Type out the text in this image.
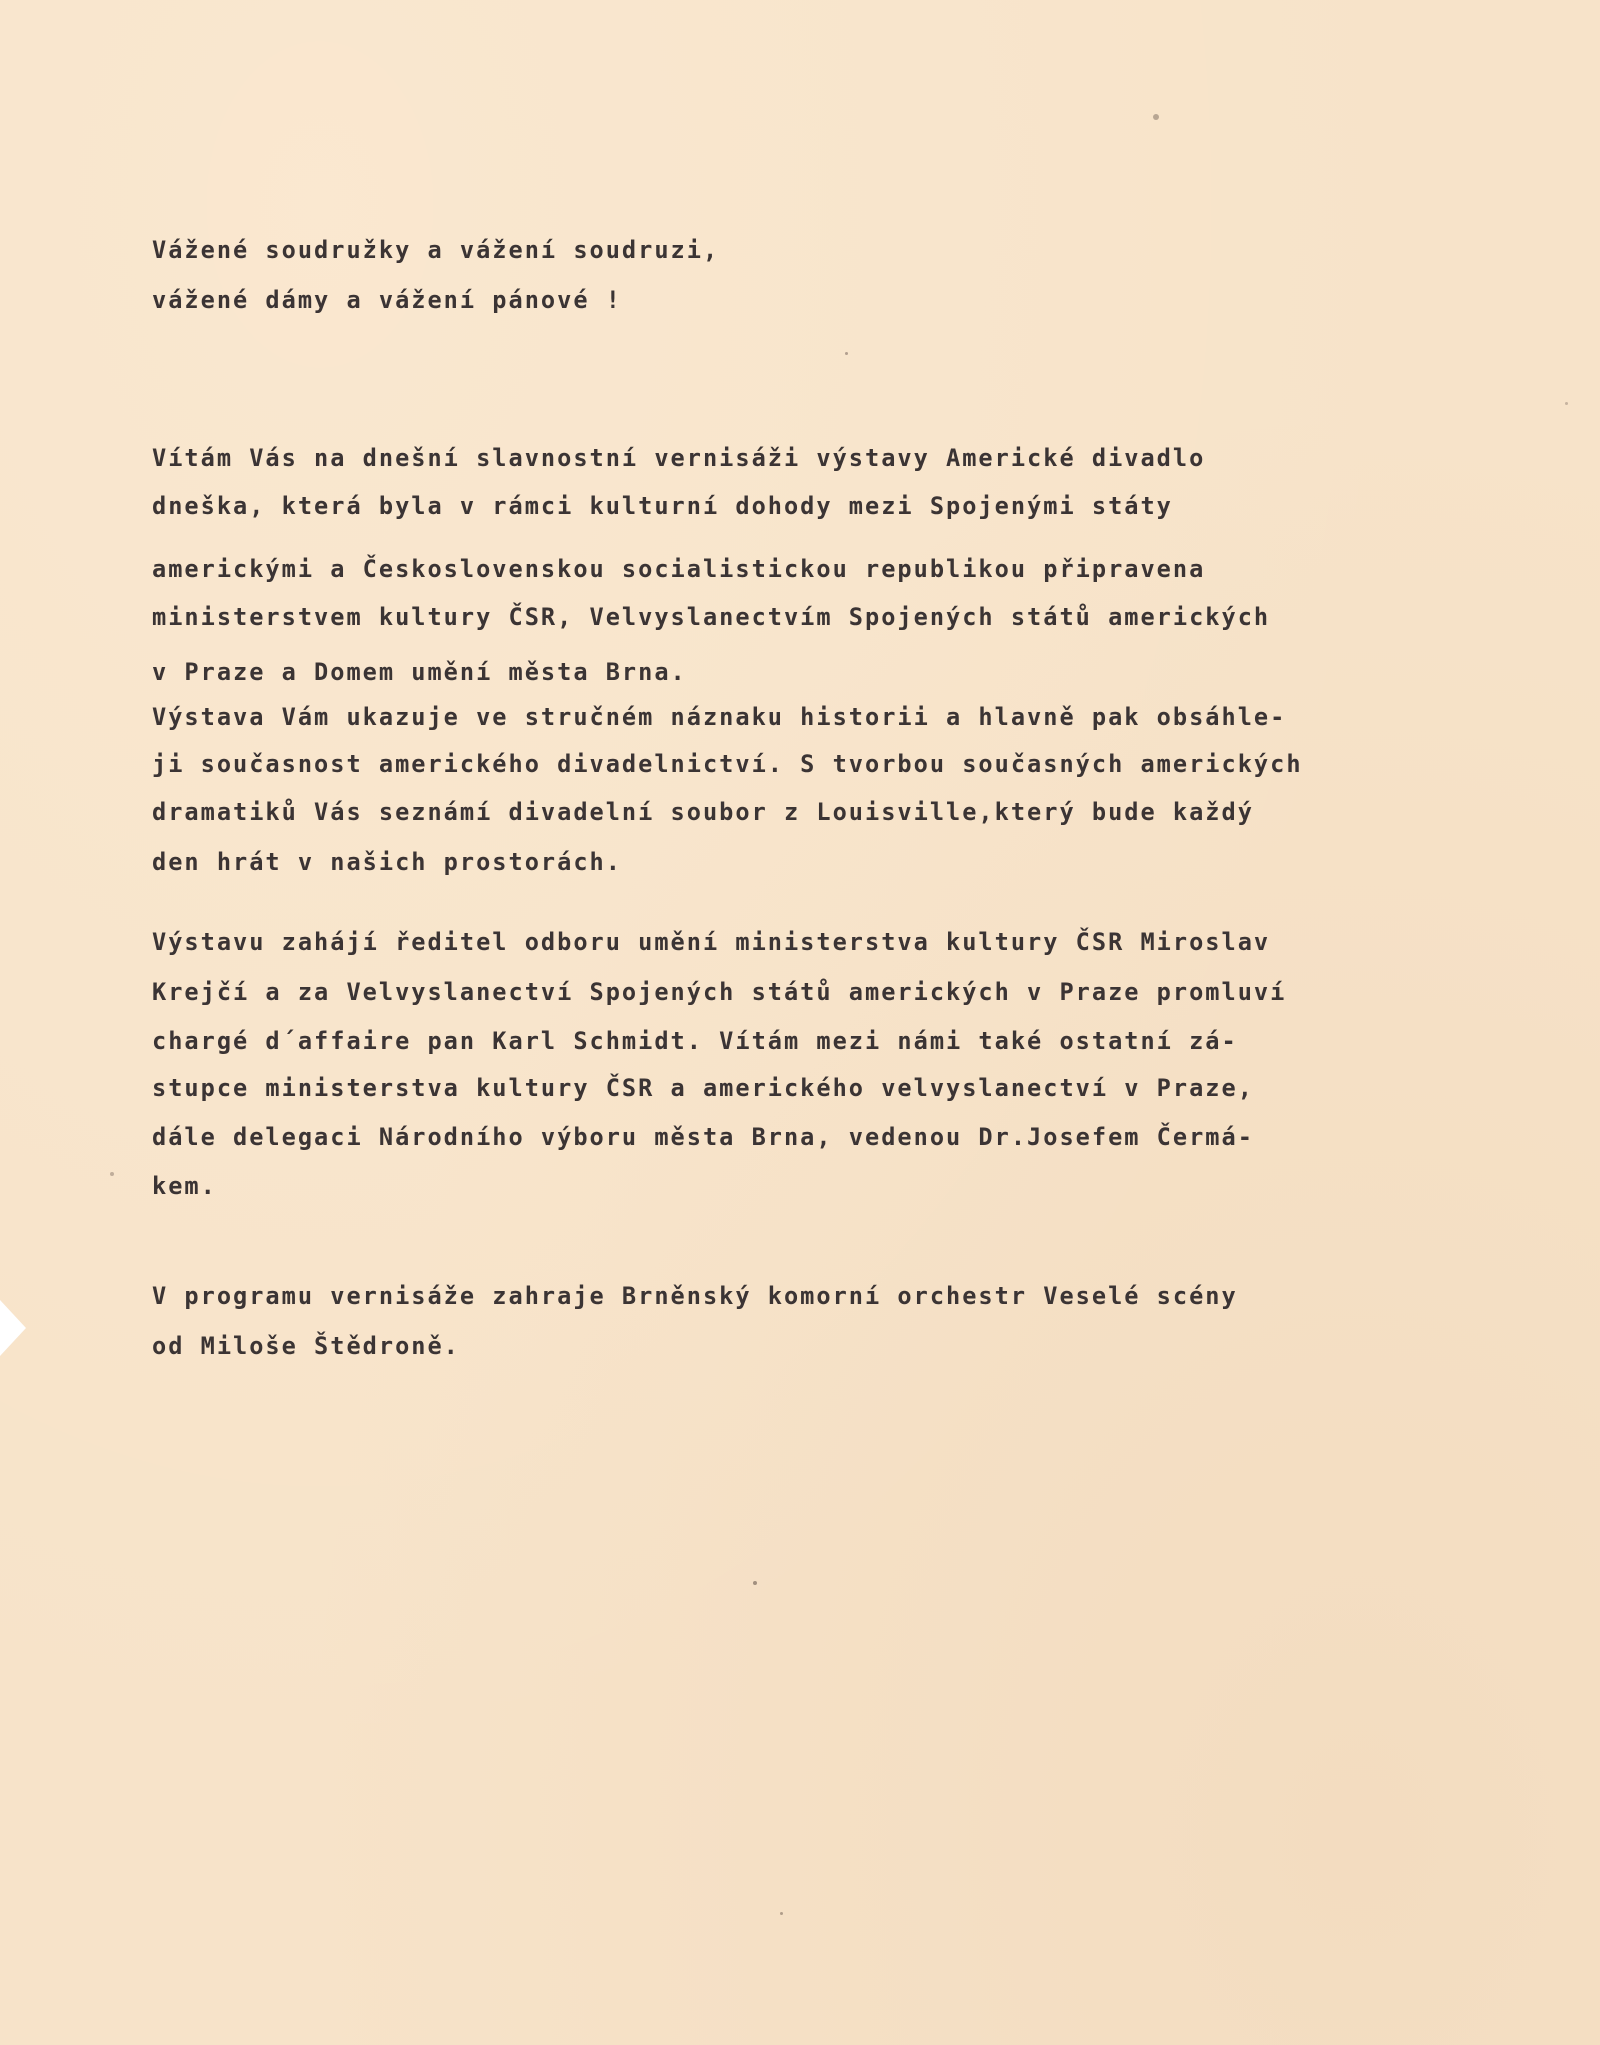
Vážené soudružky a vážení soudruzi,

vážené dámy a vážení pánové !

Vítám Vás na dnešní slavnostní vernisáži výstavy Americké divadlo

dneška, která byla v rámci kulturní dohody mezi Spojenými státy

americkými a Československou socialistickou republikou připravena

ministerstvem kultury ČSR, Velvyslanectvím Spojených států amerických

v Praze a Domem umění města Brna.

Výstava Vám ukazuje ve stručném náznaku historii a hlavně pak obsáhle-

ji současnost amerického divadelnictví. S tvorbou současných amerických

dramatiků Vás seznámí divadelní soubor z Louisville,který bude každý

den hrát v našich prostorách.

Výstavu zahájí ředitel odboru umění ministerstva kultury ČSR Miroslav

Krejčí a za Velvyslanectví Spojených států amerických v Praze promluví

chargé d´affaire pan Karl Schmidt. Vítám mezi námi také ostatní zá-

stupce ministerstva kultury ČSR a amerického velvyslanectví v Praze,

dále delegaci Národního výboru města Brna, vedenou Dr.Josefem Čermá-

kem.

V programu vernisáže zahraje Brněnský komorní orchestr Veselé scény

od Miloše Štědroně.
